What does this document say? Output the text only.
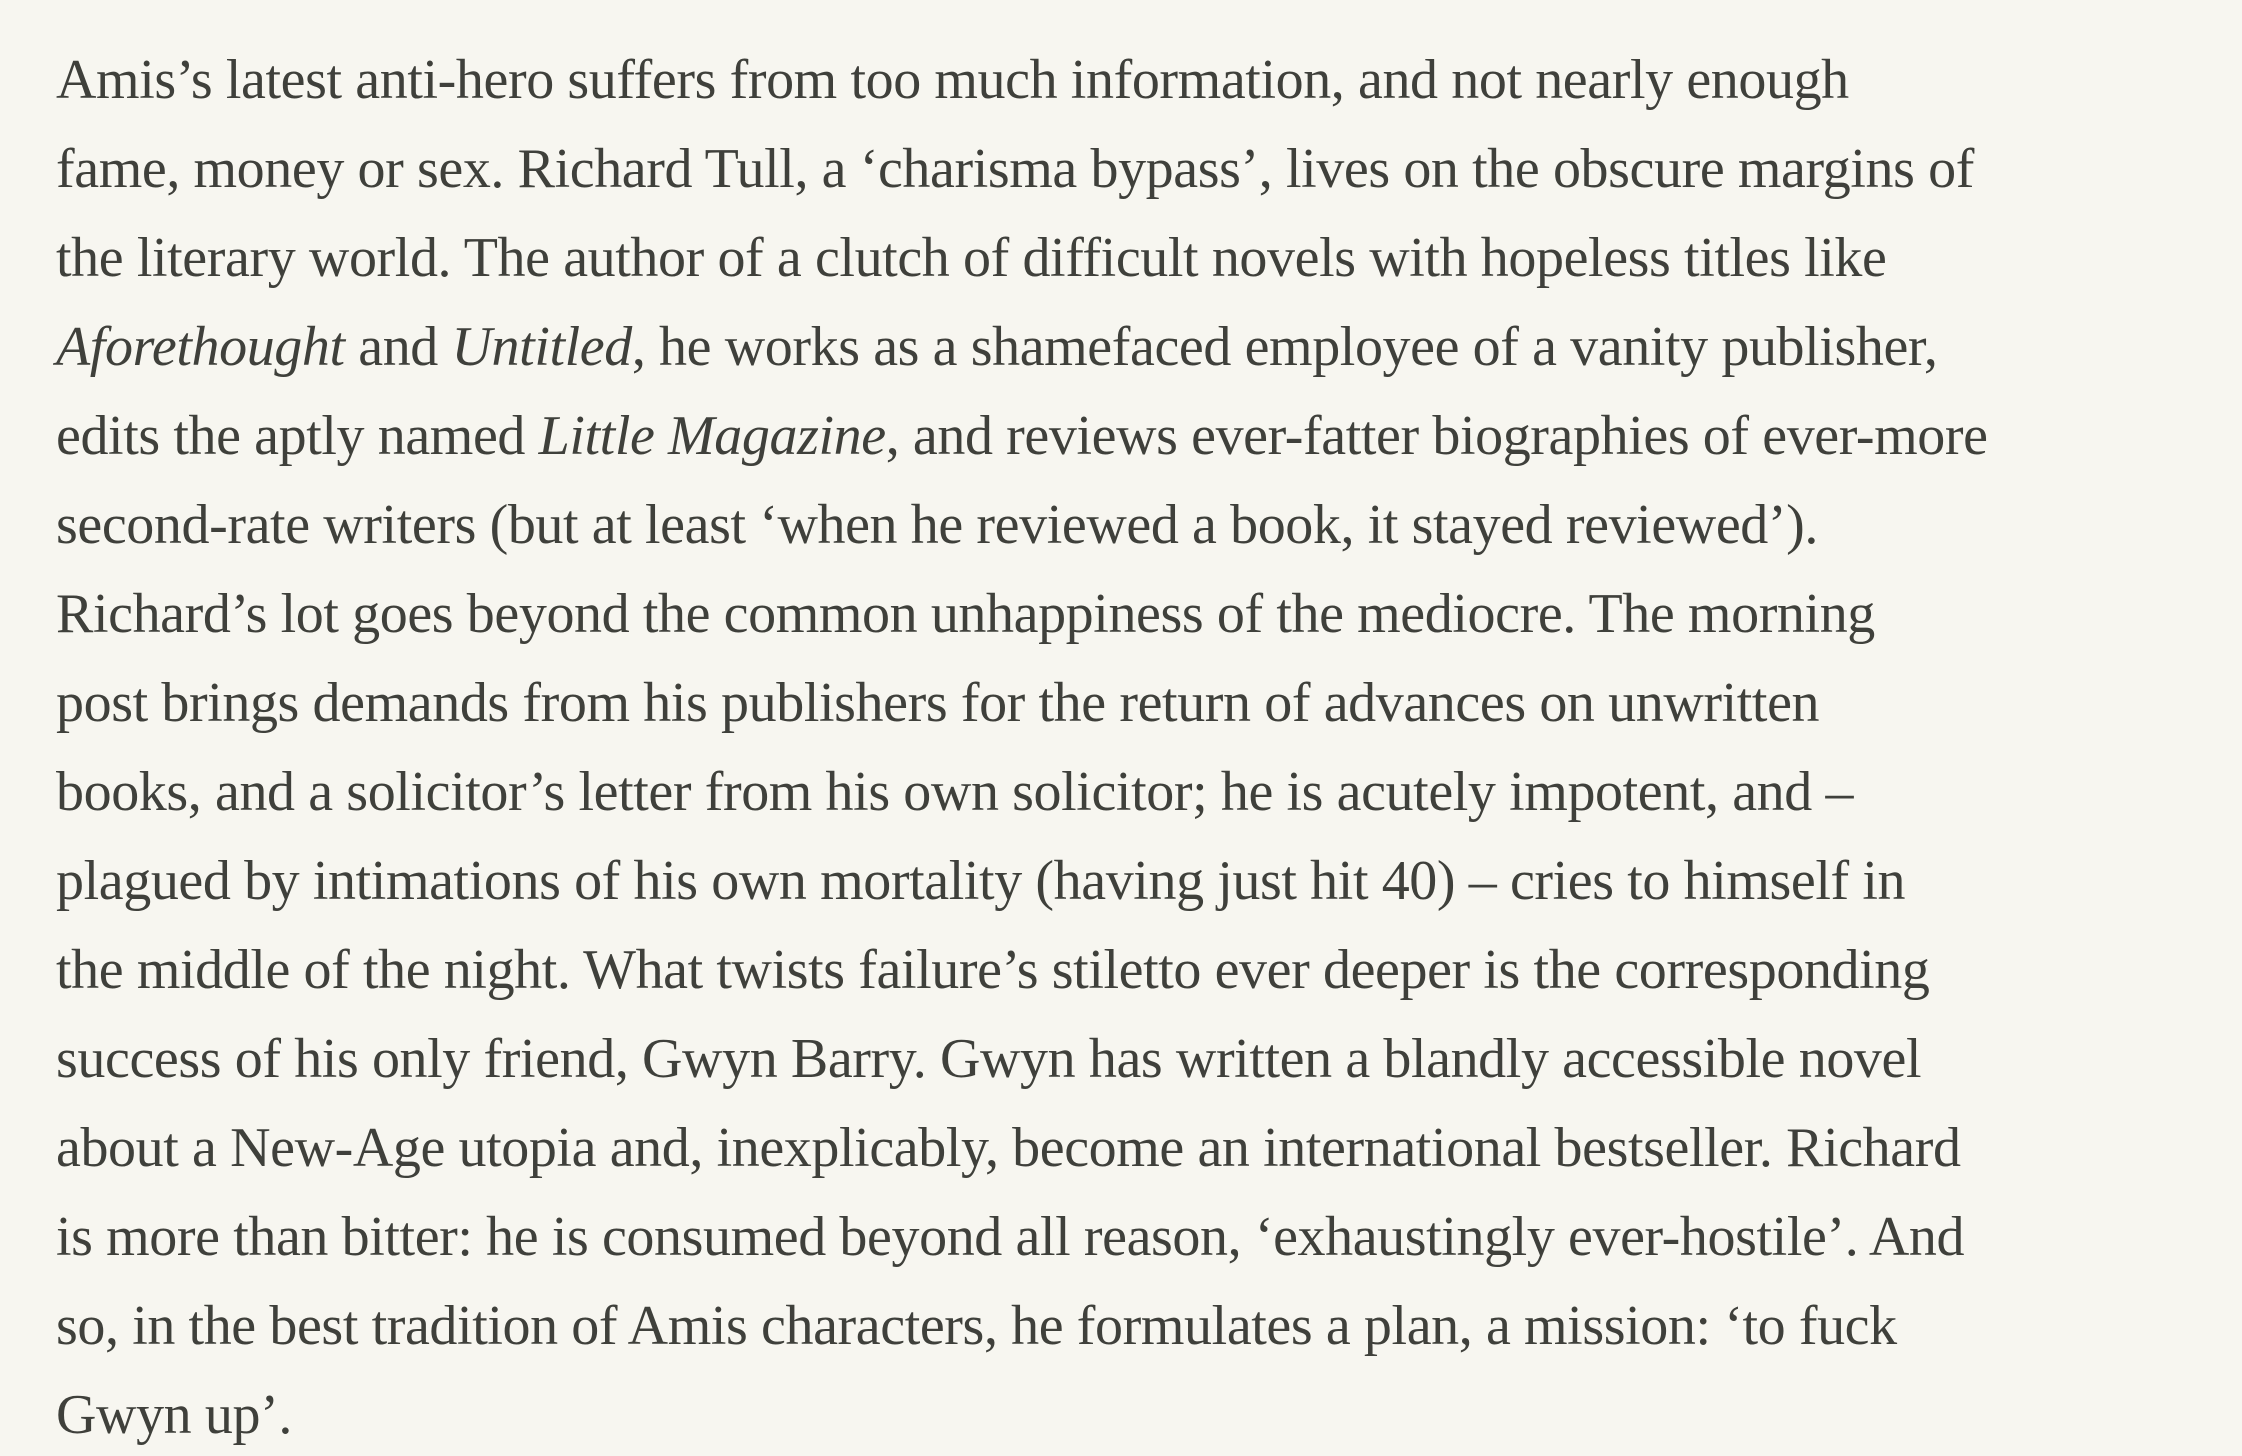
Amis’s latest anti-hero suffers from too much information, and not nearly enough
fame, money or sex. Richard Tull, a ‘charisma bypass’, lives on the obscure margins of
the literary world. The author of a clutch of difficult novels with hopeless titles like
Aforethought and Untitled, he works as a shamefaced employee of a vanity publisher,
edits the aptly named Little Magazine, and reviews ever-fatter biographies of ever-more
second-rate writers (but at least ‘when he reviewed a book, it stayed reviewed’).
Richard’s lot goes beyond the common unhappiness of the mediocre. The morning
post brings demands from his publishers for the return of advances on unwritten
books, and a solicitor’s letter from his own solicitor; he is acutely impotent, and –
plagued by intimations of his own mortality (having just hit 40) – cries to himself in
the middle of the night. What twists failure’s stiletto ever deeper is the corresponding
success of his only friend, Gwyn Barry. Gwyn has written a blandly accessible novel
about a New-Age utopia and, inexplicably, become an international bestseller. Richard
is more than bitter: he is consumed beyond all reason, ‘exhaustingly ever-hostile’. And
so, in the best tradition of Amis characters, he formulates a plan, a mission: ‘to fuck
Gwyn up’.
